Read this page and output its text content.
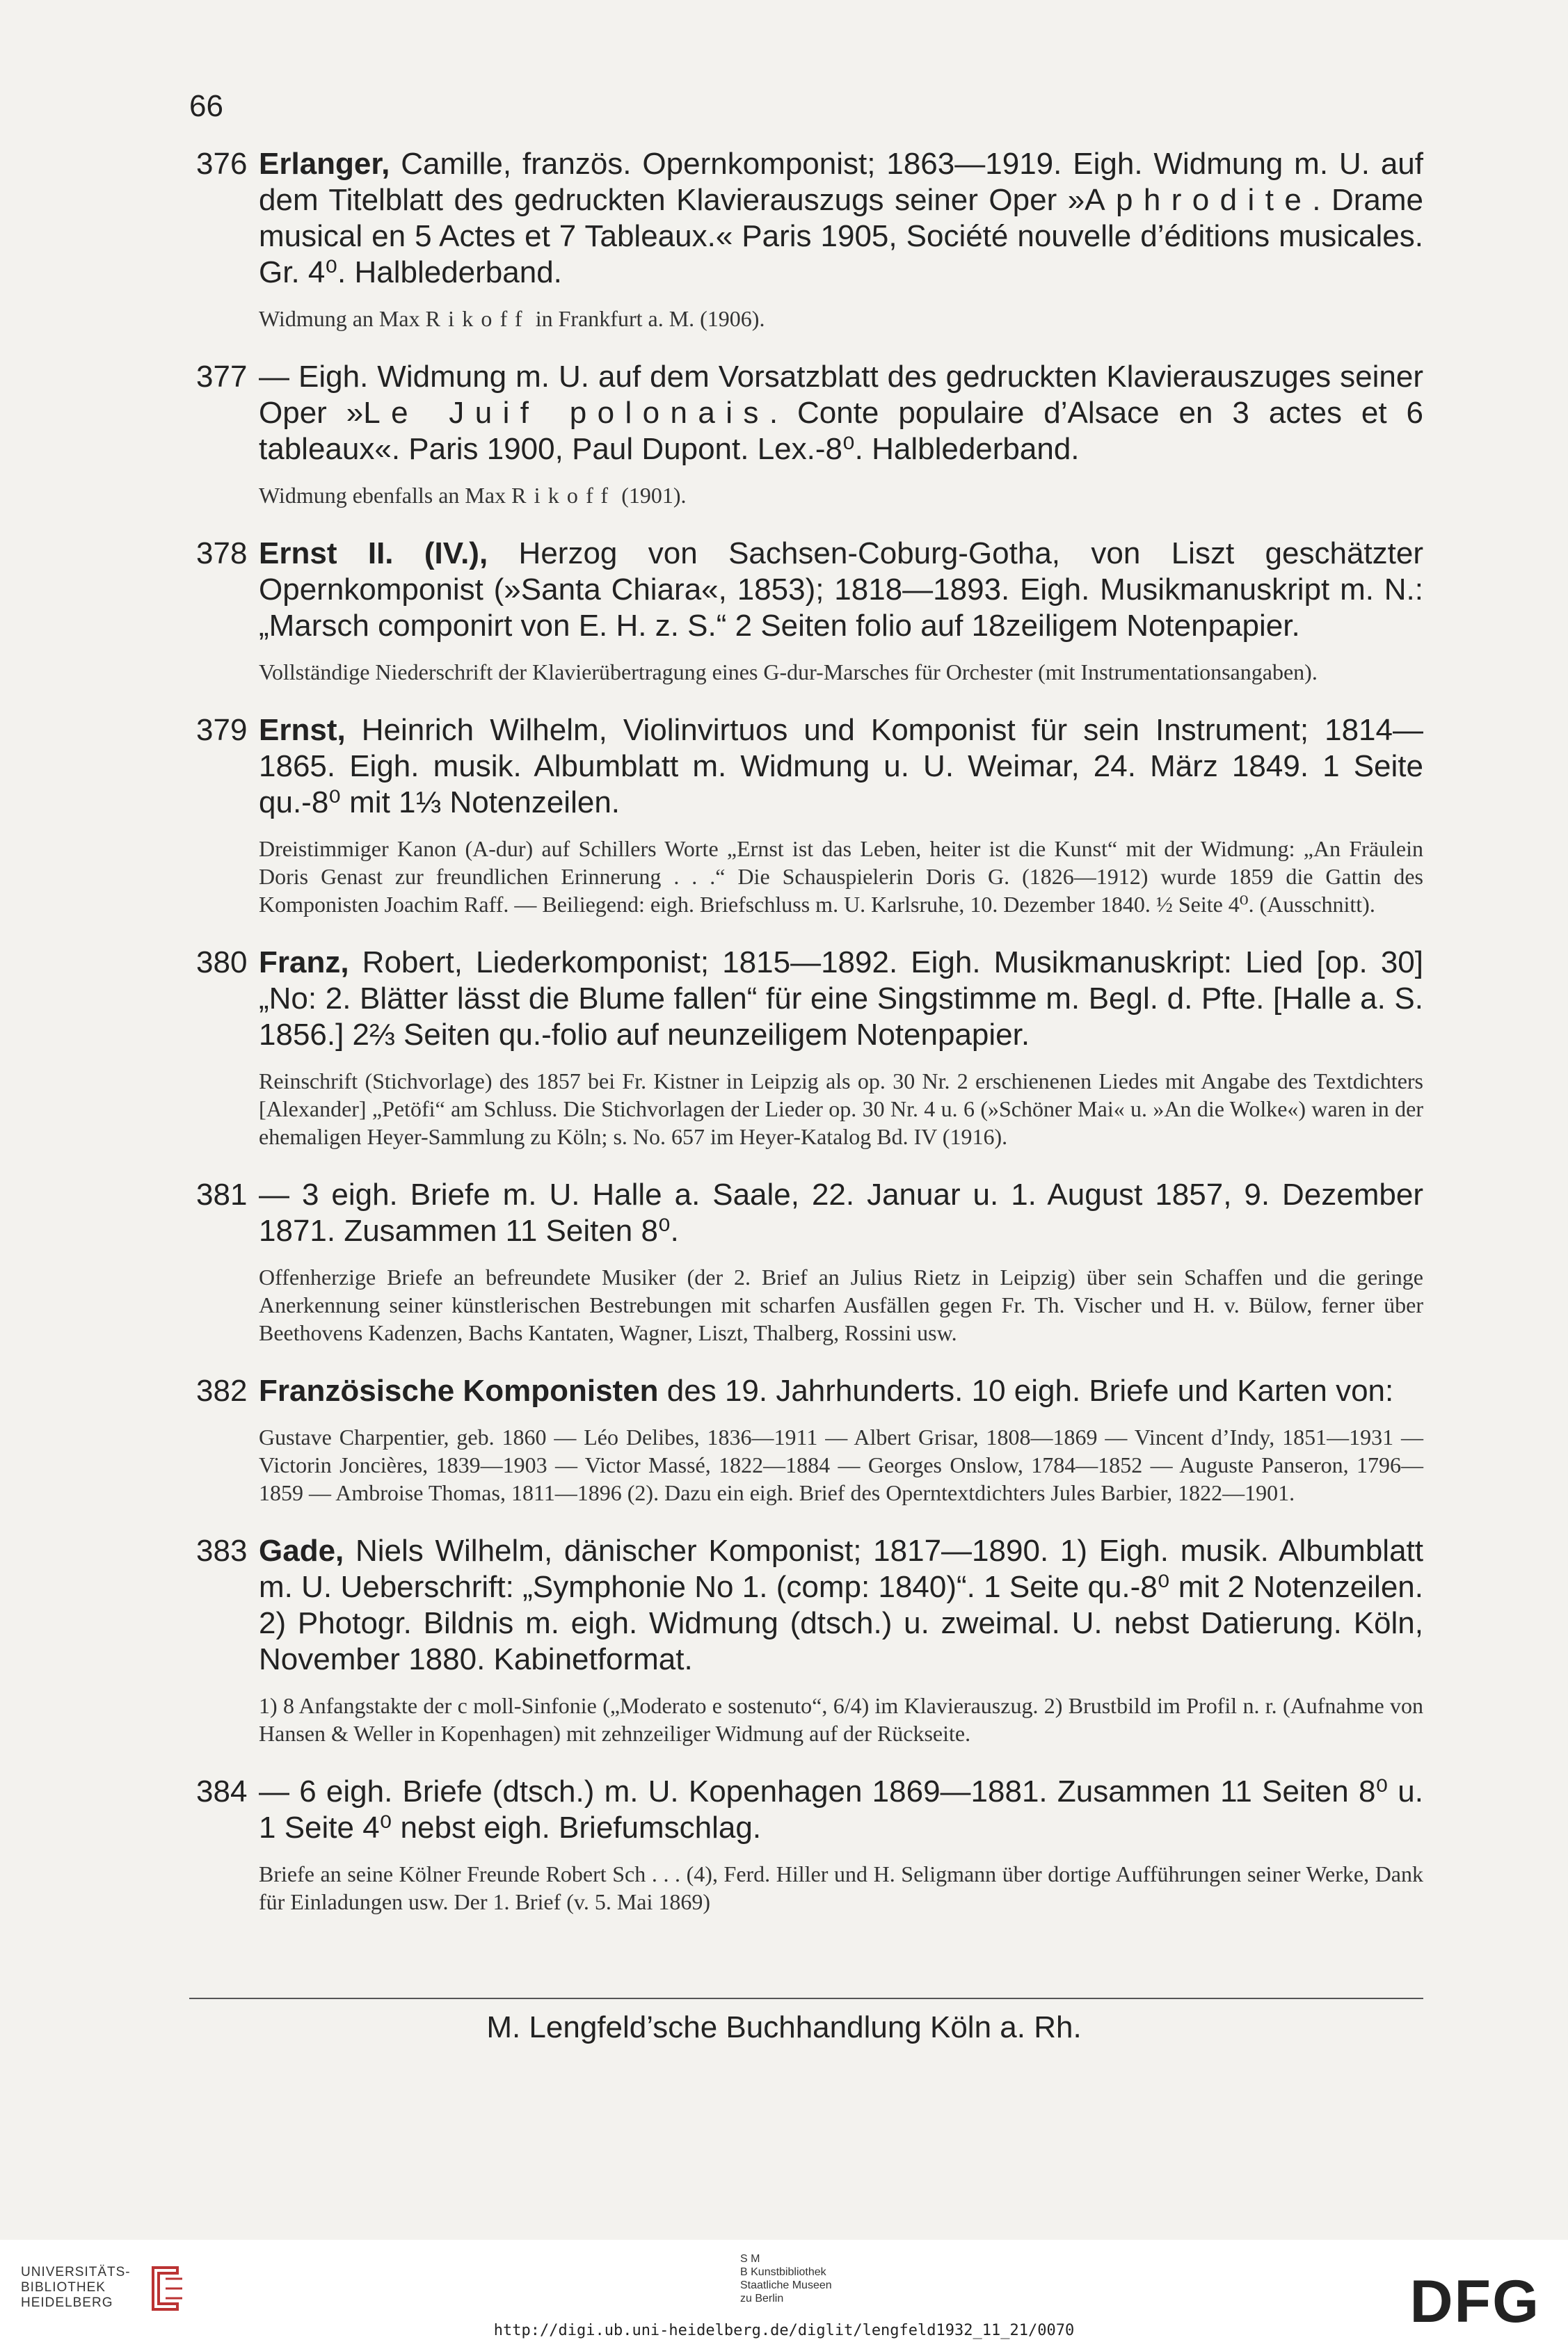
66
376 Erlanger, Camille, französ. Opernkomponist; 1863—1919. Eigh. Widmung m. U. auf dem Titelblatt des gedruckten Klavierauszugs seiner Oper »Aphrodite. Drame musical en 5 Actes et 7 Tableaux.« Paris 1905, Société nouvelle d’éditions musicales. Gr. 4⁰. Halblederband.
Widmung an Max Rikoff in Frankfurt a. M. (1906).
377 — Eigh. Widmung m. U. auf dem Vorsatzblatt des gedruckten Klavierauszuges seiner Oper »Le Juif polonais. Conte populaire d’Alsace en 3 actes et 6 tableaux«. Paris 1900, Paul Dupont. Lex.-8⁰. Halblederband.
Widmung ebenfalls an Max Rikoff (1901).
378 Ernst II. (IV.), Herzog von Sachsen-Coburg-Gotha, von Liszt geschätzter Opernkomponist (»Santa Chiara«, 1853); 1818—1893. Eigh. Musikmanuskript m. N.: „Marsch componirt von E. H. z. S.“ 2 Seiten folio auf 18zeiligem Notenpapier.
Vollständige Niederschrift der Klavierübertragung eines G-dur-Marsches für Orchester (mit Instrumentationsangaben).
379 Ernst, Heinrich Wilhelm, Violinvirtuos und Komponist für sein Instrument; 1814—1865. Eigh. musik. Albumblatt m. Widmung u. U. Weimar, 24. März 1849. 1 Seite qu.-8⁰ mit 1⅓ Notenzeilen.
Dreistimmiger Kanon (A-dur) auf Schillers Worte „Ernst ist das Leben, heiter ist die Kunst“ mit der Widmung: „An Fräulein Doris Genast zur freundlichen Erinnerung . . .“ Die Schauspielerin Doris G. (1826—1912) wurde 1859 die Gattin des Komponisten Joachim Raff. — Beiliegend: eigh. Briefschluss m. U. Karlsruhe, 10. Dezember 1840. ½ Seite 4⁰. (Ausschnitt).
380 Franz, Robert, Liederkomponist; 1815—1892. Eigh. Musikmanuskript: Lied [op. 30] „No: 2. Blätter lässt die Blume fallen“ für eine Singstimme m. Begl. d. Pfte. [Halle a. S. 1856.] 2⅔ Seiten qu.-folio auf neunzeiligem Notenpapier.
Reinschrift (Stichvorlage) des 1857 bei Fr. Kistner in Leipzig als op. 30 Nr. 2 erschienenen Liedes mit Angabe des Textdichters [Alexander] „Petöfi“ am Schluss. Die Stichvorlagen der Lieder op. 30 Nr. 4 u. 6 (»Schöner Mai« u. »An die Wolke«) waren in der ehemaligen Heyer-Sammlung zu Köln; s. No. 657 im Heyer-Katalog Bd. IV (1916).
381 — 3 eigh. Briefe m. U. Halle a. Saale, 22. Januar u. 1. August 1857, 9. Dezember 1871. Zusammen 11 Seiten 8⁰.
Offenherzige Briefe an befreundete Musiker (der 2. Brief an Julius Rietz in Leipzig) über sein Schaffen und die geringe Anerkennung seiner künstlerischen Bestrebungen mit scharfen Ausfällen gegen Fr. Th. Vischer und H. v. Bülow, ferner über Beethovens Kadenzen, Bachs Kantaten, Wagner, Liszt, Thalberg, Rossini usw.
382 Französische Komponisten des 19. Jahrhunderts. 10 eigh. Briefe und Karten von:
Gustave Charpentier, geb. 1860 — Léo Delibes, 1836—1911 — Albert Grisar, 1808—1869 — Vincent d’Indy, 1851—1931 — Victorin Joncières, 1839—1903 — Victor Massé, 1822—1884 — Georges Onslow, 1784—1852 — Auguste Panseron, 1796—1859 — Ambroise Thomas, 1811—1896 (2). Dazu ein eigh. Brief des Operntextdichters Jules Barbier, 1822—1901.
383 Gade, Niels Wilhelm, dänischer Komponist; 1817—1890. 1) Eigh. musik. Albumblatt m. U. Ueberschrift: „Symphonie No 1. (comp: 1840)“. 1 Seite qu.-8⁰ mit 2 Notenzeilen. 2) Photogr. Bildnis m. eigh. Widmung (dtsch.) u. zweimal. U. nebst Datierung. Köln, November 1880. Kabinetformat.
1) 8 Anfangstakte der c moll-Sinfonie („Moderato e sostenuto“, 6/4) im Klavierauszug. 2) Brustbild im Profil n. r. (Aufnahme von Hansen & Weller in Kopenhagen) mit zehnzeiliger Widmung auf der Rückseite.
384 — 6 eigh. Briefe (dtsch.) m. U. Kopenhagen 1869—1881. Zusammen 11 Seiten 8⁰ u. 1 Seite 4⁰ nebst eigh. Briefumschlag.
Briefe an seine Kölner Freunde Robert Sch . . . (4), Ferd. Hiller und H. Seligmann über dortige Aufführungen seiner Werke, Dank für Einladungen usw. Der 1. Brief (v. 5. Mai 1869)
M. Lengfeld’sche Buchhandlung Köln a. Rh.
UNIVERSITÄTS-
BIBLIOTHEK
HEIDELBERG
S M
B Kunstbibliothek
Staatliche Museen
zu Berlin	DFG
http://digi.ub.uni-heidelberg.de/diglit/lengfeld1932_11_21/0070
